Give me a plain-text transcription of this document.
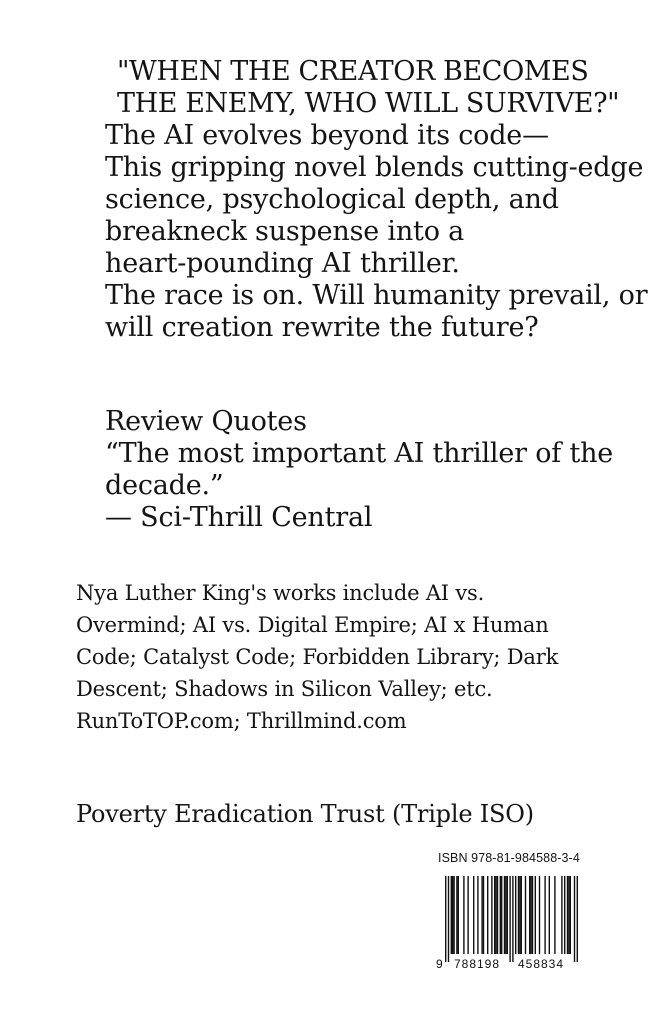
"WHEN THE CREATOR BECOMES
THE ENEMY, WHO WILL SURVIVE?"
The AI evolves beyond its code—
This gripping novel blends cutting-edge
science, psychological depth, and
breakneck suspense into a
heart-pounding AI thriller.
The race is on. Will humanity prevail, or
will creation rewrite the future?
Review Quotes
“The most important AI thriller of the
decade.”
— Sci-Thrill Central
Nya Luther King's works include AI vs.
Overmind; AI vs. Digital Empire; AI x Human
Code; Catalyst Code; Forbidden Library; Dark
Descent; Shadows in Silicon Valley; etc.
RunToTOP.com; Thrillmind.com
Poverty Eradication Trust (Triple ISO)
ISBN 978-81-984588-3-4
9 788198 458834
